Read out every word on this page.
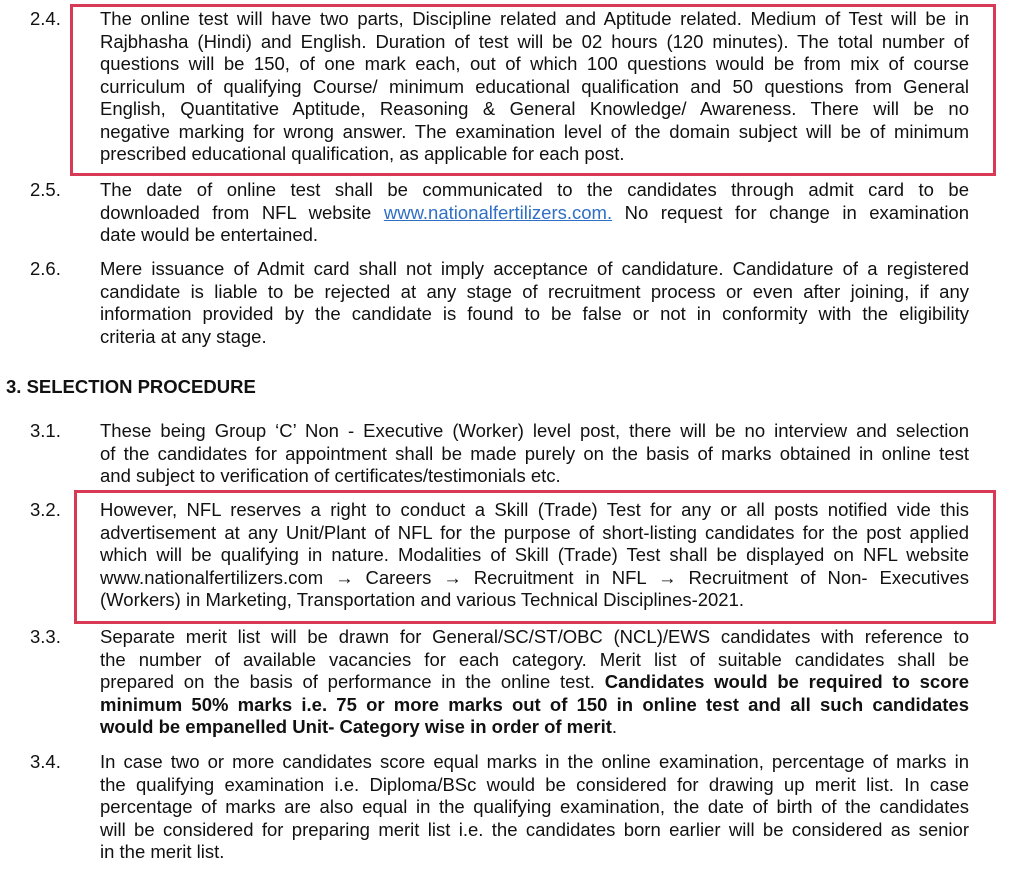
2.4. The online test will have two parts, Discipline related and Aptitude related. Medium of Test will be in
Rajbhasha (Hindi) and English. Duration of test will be 02 hours (120 minutes). The total number of
questions will be 150, of one mark each, out of which 100 questions would be from mix of course
curriculum of qualifying Course/ minimum educational qualification and 50 questions from General
English, Quantitative Aptitude, Reasoning & General Knowledge/ Awareness. There will be no
negative marking for wrong answer. The examination level of the domain subject will be of minimum
prescribed educational qualification, as applicable for each post.
2.5. The date of online test shall be communicated to the candidates through admit card to be
downloaded from NFL website www.nationalfertilizers.com. No request for change in examination
date would be entertained.
2.6. Mere issuance of Admit card shall not imply acceptance of candidature. Candidature of a registered
candidate is liable to be rejected at any stage of recruitment process or even after joining, if any
information provided by the candidate is found to be false or not in conformity with the eligibility
criteria at any stage.
3. SELECTION PROCEDURE
3.1. These being Group ‘C’ Non - Executive (Worker) level post, there will be no interview and selection
of the candidates for appointment shall be made purely on the basis of marks obtained in online test
and subject to verification of certificates/testimonials etc.
3.2. However, NFL reserves a right to conduct a Skill (Trade) Test for any or all posts notified vide this
advertisement at any Unit/Plant of NFL for the purpose of short-listing candidates for the post applied
which will be qualifying in nature. Modalities of Skill (Trade) Test shall be displayed on NFL website
www.nationalfertilizers.com → Careers → Recruitment in NFL → Recruitment of Non- Executives
(Workers) in Marketing, Transportation and various Technical Disciplines-2021.
3.3. Separate merit list will be drawn for General/SC/ST/OBC (NCL)/EWS candidates with reference to
the number of available vacancies for each category. Merit list of suitable candidates shall be
prepared on the basis of performance in the online test. Candidates would be required to score
minimum 50% marks i.e. 75 or more marks out of 150 in online test and all such candidates
would be empanelled Unit- Category wise in order of merit.
3.4. In case two or more candidates score equal marks in the online examination, percentage of marks in
the qualifying examination i.e. Diploma/BSc would be considered for drawing up merit list. In case
percentage of marks are also equal in the qualifying examination, the date of birth of the candidates
will be considered for preparing merit list i.e. the candidates born earlier will be considered as senior
in the merit list.
